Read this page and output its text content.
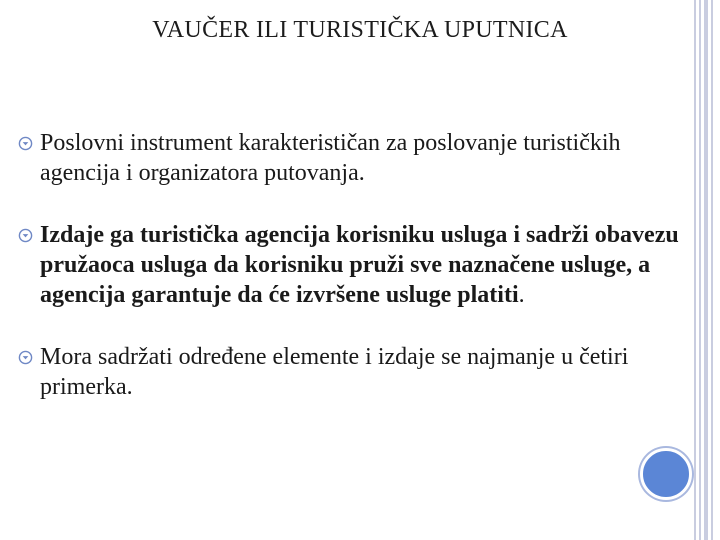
VAUČER ILI TURISTIČKA UPUTNICA
Poslovni instrument karakterističan za poslovanje turističkih agencija i organizatora putovanja.
Izdaje ga turistička agencija korisniku usluga i sadrži obavezu pružaoca usluga da korisniku pruži sve naznačene usluge, a agencija garantuje da će izvršene usluge platiti.
Mora sadržati određene elemente i izdaje se najmanje u četiri primerka.
